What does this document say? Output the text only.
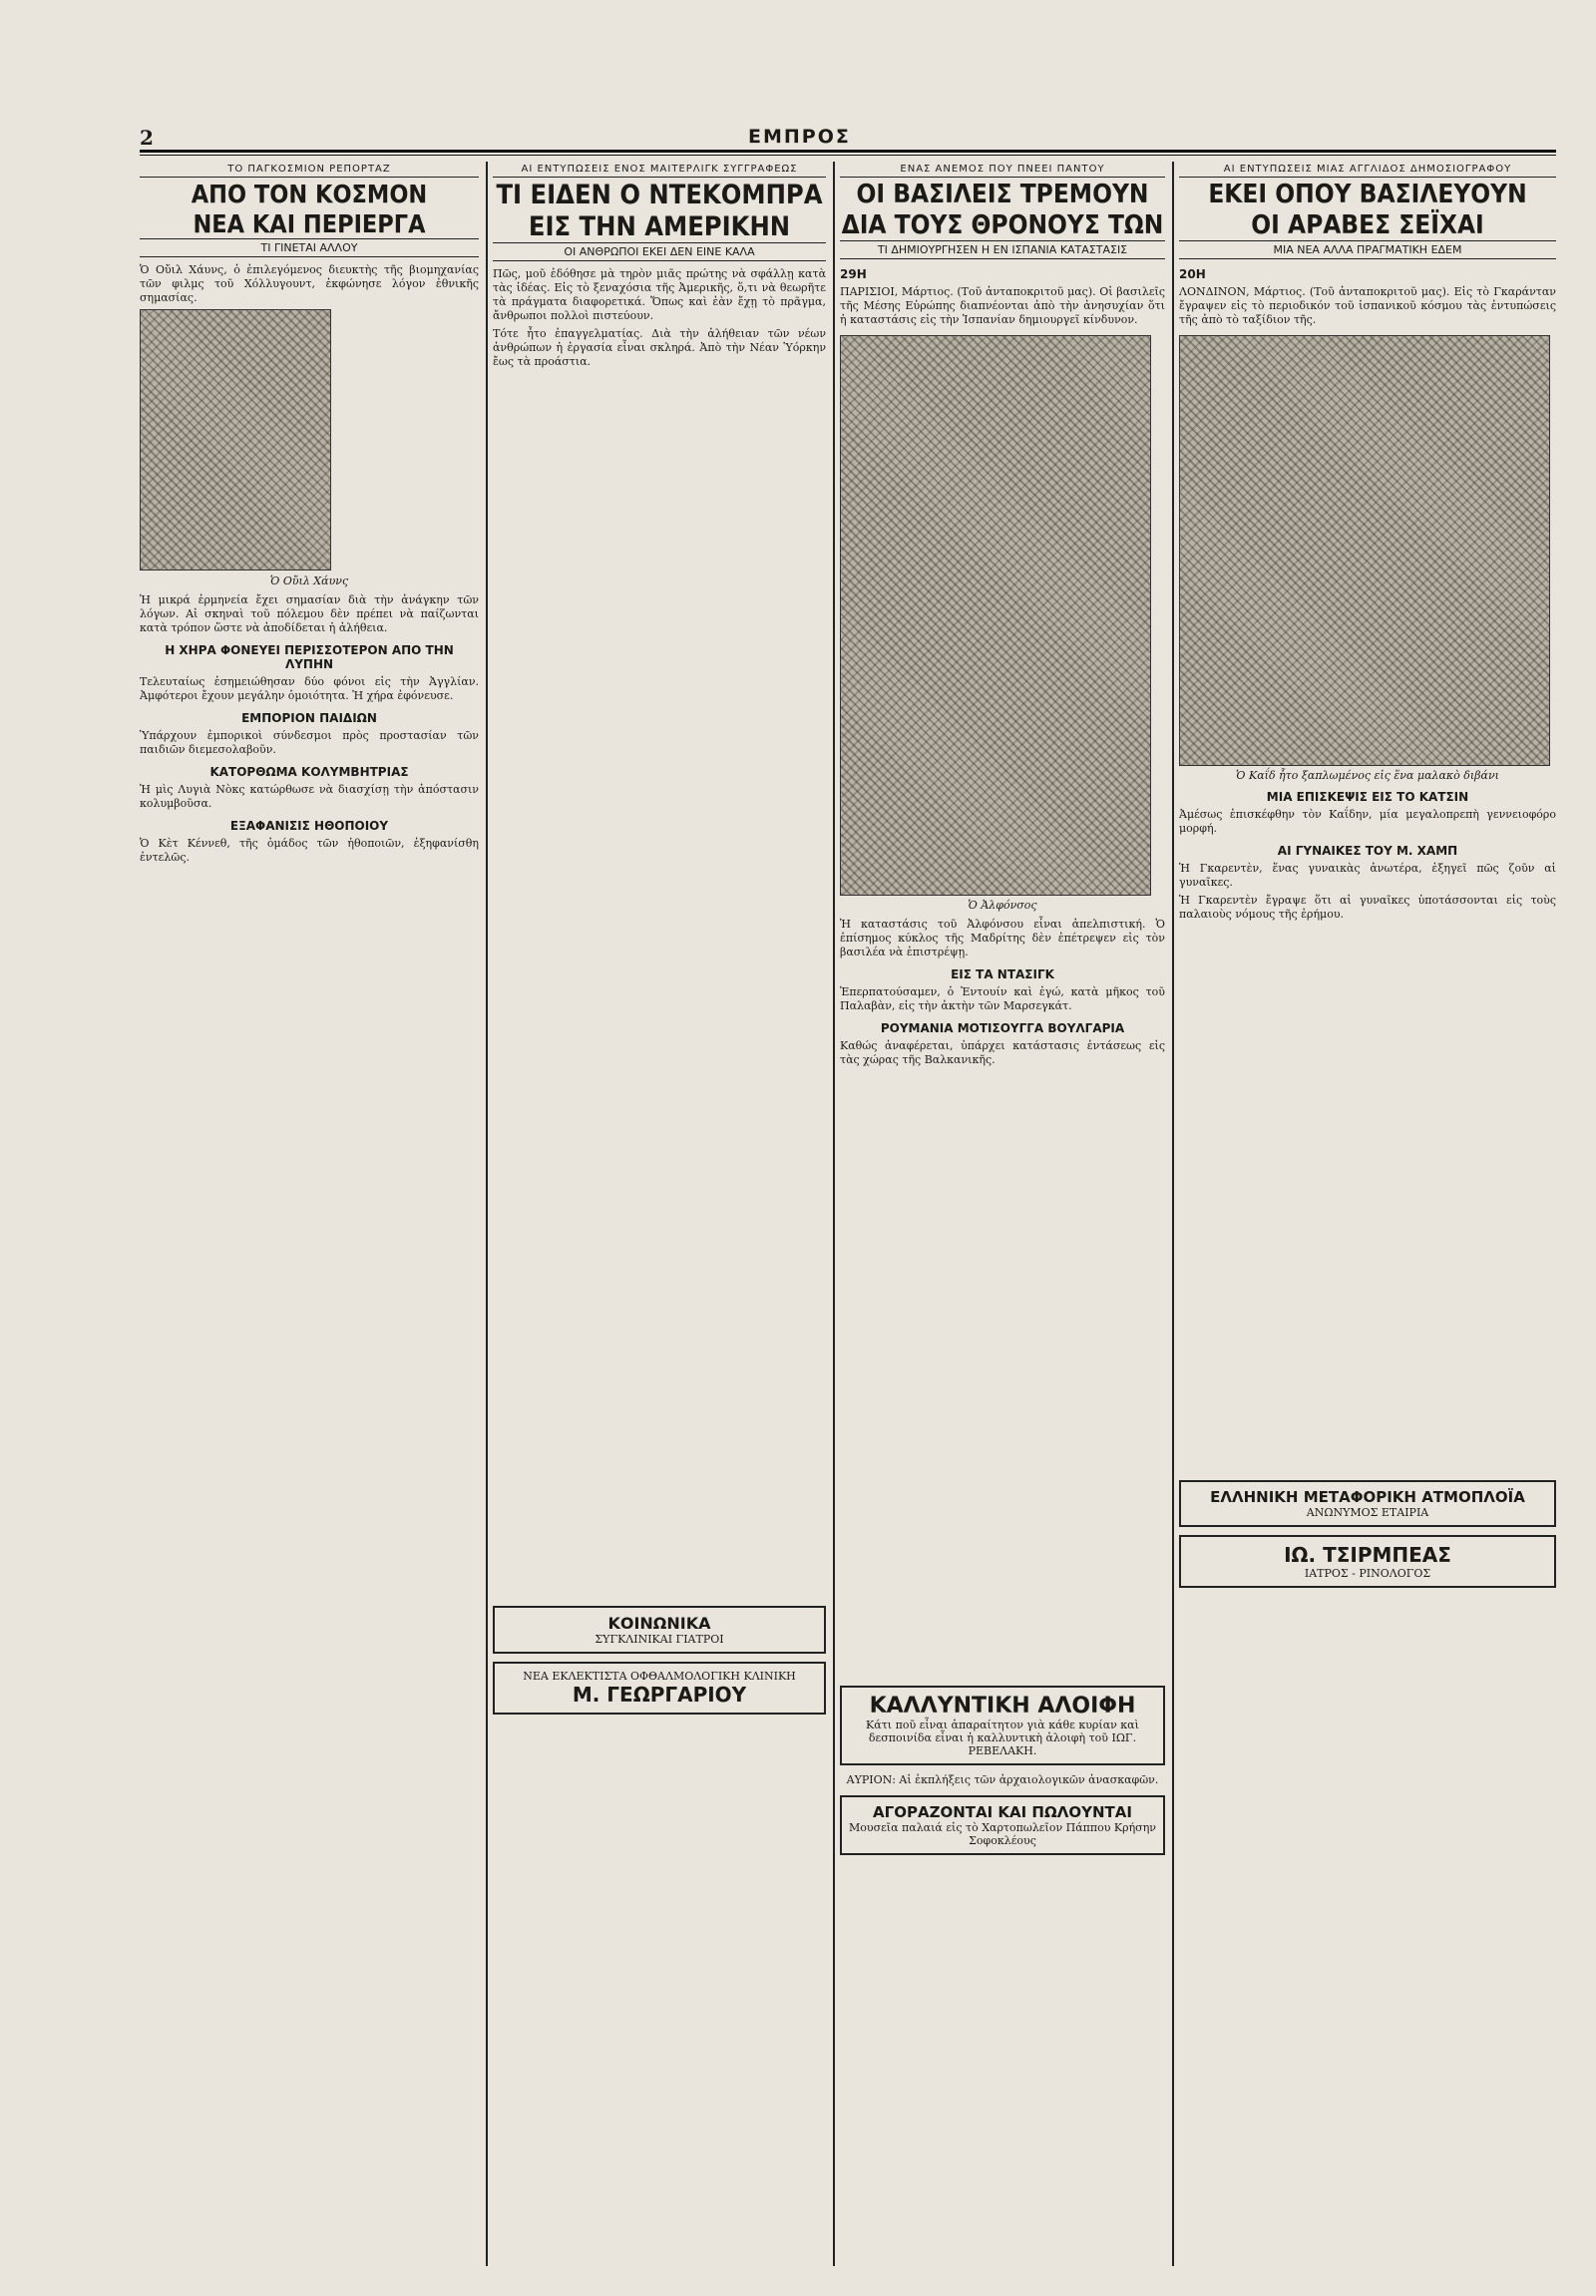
2	ΕΜΠΡΟΣ
ΤΟ ΠΑΓΚΟΣΜΙΟΝ ΡΕΠΟΡΤΑΖ
ΑΠΟ ΤΟΝ ΚΟΣΜΟΝ
ΝΕΑ ΚΑΙ ΠΕΡΙΕΡΓΑ
ΤΙ ΓΙΝΕΤΑΙ ΑΛΛΟΥ

Ὁ Οὔιλ Χάυνς, ὁ ἐπιλεγόμενος διευκτὴς τῆς βιομηχανίας τῶν φιλμς τοῦ Χόλλυγουντ, ἐκφώνησε λόγον ἐθνικῆς σημασίας.

Ὁ Οὔιλ Χάυνς

Ἡ μικρά ἐρμηνεία ἔχει σημασίαν διὰ τὴν ἀνάγκην τῶν λόγων. Αἱ σκηναὶ τοῦ πόλεμου δὲν πρέπει νὰ παίζωνται κατὰ τρόπον ὥστε νὰ ἀποδίδεται ἡ ἀλήθεια.

Η ΧΗΡΑ ΦΟΝΕΥΕΙ ΠΕΡΙΣΣΟΤΕΡΟΝ ΑΠΟ ΤΗΝ ΛΥΠΗΝ

Τελευταίως ἐσημειώθησαν δύο φόνοι εἰς τὴν Ἀγγλίαν. Ἀμφότεροι ἔχουν μεγάλην ὁμοιότητα. Ἡ χήρα ἐφόνευσε.

ΕΜΠΟΡΙΟΝ ΠΑΙΔΙΩΝ

Ὑπάρχουν ἐμπορικοὶ σύνδεσμοι πρὸς προστασίαν τῶν παιδιῶν διεμεσολαβοῦν.

ΚΑΤΟΡΘΩΜΑ ΚΟΛΥΜΒΗΤΡΙΑΣ

Ἡ μὶς Λυγιὰ Νὸκς κατώρθωσε νὰ διασχίσῃ τὴν ἀπόστασιν κολυμβοῦσα.

ΕΞΑΦΑΝΙΣΙΣ ΗΘΟΠΟΙΟΥ

Ὁ Κὲτ Κέννεθ, τῆς ὁμάδος τῶν ἠθοποιῶν, ἐξηφανίσθη ἐντελῶς.

ΑΙ ΕΝΤΥΠΩΣΕΙΣ ΕΝΟΣ ΜΑΙΤΕΡΛΙΓΚ ΣΥΓΓΡΑΦΕΩΣ
ΤΙ ΕΙΔΕΝ Ο ΝΤΕΚΟΜΠΡΑ
ΕΙΣ ΤΗΝ ΑΜΕΡΙΚΗΝ
ΟΙ ΑΝΘΡΩΠΟΙ ΕΚΕΙ ΔΕΝ ΕΙΝΕ ΚΑΛΑ

Πῶς, μοῦ ἐδόθησε μὰ τηρὸν μιᾶς πρώτης νὰ σφάλλῃ κατὰ τὰς ἰδέας. Εἰς τὸ ξεναχόσια τῆς Ἀμερικῆς, ὅ,τι νὰ θεωρῆτε τὰ πράγματα διαφορετικά. Ὅπως καὶ ἐὰν ἔχῃ τὸ πρᾶγμα, ἄνθρωποι πολλοὶ πιστεύουν.

Τότε ἦτο ἐπαγγελματίας. Διὰ τὴν ἀλήθειαν τῶν νέων ἀνθρώπων ἡ ἐργασία εἶναι σκληρά. Ἀπὸ τὴν Νέαν Ὑόρκην ἔως τὰ προάστια.

ΚΟΙΝΩΝΙΚΑ
ΣΥΓΚΛΙΝΙΚΑΙ ΓΙΑΤΡΟΙ
ΝΕΑ ΕΚΛΕΚΤΙΣΤΑ ΟΦΘΑΛΜΟΛΟΓΙΚΗ ΚΛΙΝΙΚΗ
Μ. ΓΕΩΡΓΑΡΙΟΥ
ΕΝΑΣ ΑΝΕΜΟΣ ΠΟΥ ΠΝΕΕΙ ΠΑΝΤΟΥ
ΟΙ ΒΑΣΙΛΕΙΣ ΤΡΕΜΟΥΝ
ΔΙΑ ΤΟΥΣ ΘΡΟΝΟΥΣ ΤΩΝ
ΤΙ ΔΗΜΙΟΥΡΓΗΣΕΝ Η ΕΝ ΙΣΠΑΝΙΑ ΚΑΤΑΣΤΑΣΙΣ
29Η

ΠΑΡΙΣΙΟΙ, Μάρτιος. (Τοῦ ἀνταποκριτοῦ μας). Οἱ βασιλεῖς τῆς Μέσης Εὐρώπης διαπνέονται ἀπὸ τὴν ἀνησυχίαν ὅτι ἡ καταστάσις εἰς τὴν Ἱσπανίαν δημιουργεῖ κίνδυνον.

Ὁ Ἀλφόνσος

Ἡ καταστάσις τοῦ Ἀλφόνσου εἶναι ἀπελπιστική. Ὁ ἐπίσημος κύκλος τῆς Μαδρίτης δὲν ἐπέτρεψεν εἰς τὸν βασιλέα νὰ ἐπιστρέψῃ.

ΕΙΣ ΤΑ ΝΤΑΣΙΓΚ

Ἐπερπατούσαμεν, ὁ Ἐντουίν καὶ ἐγώ, κατὰ μῆκος τοῦ Παλαβὰν, εἰς τὴν ἀκτὴν τῶν Μαρσεγκάτ.

ΡΟΥΜΑΝΙΑ ΜΟΤΙΣΟΥΓΓΑ ΒΟΥΛΓΑΡΙΑ

Καθώς ἀναφέρεται, ὑπάρχει κατάστασις ἐντάσεως εἰς τὰς χώρας τῆς Βαλκανικῆς.

ΚΑΛΛΥΝΤΙΚΗ ΑΛΟΙΦΗ
Κάτι ποῦ εἶναι ἀπαραίτητον γιὰ κάθε κυρίαν καὶ δεσποινίδα εἶναι ἡ καλλυντικὴ ἀλοιφὴ τοῦ ΙΩΓ. ΡΕΒΕΛΑΚΗ.

ΑΥΡΙΟΝ: Αἱ ἐκπλήξεις τῶν ἀρχαιολογικῶν ἀνασκαφῶν.

ΑΓΟΡΑΖΟΝΤΑΙ ΚΑΙ ΠΩΛΟΥΝΤΑΙ
Μουσεῖα παλαιά εἰς τὸ Χαρτοπωλεῖον Πάππου Κρήσην Σοφοκλέους
ΑΙ ΕΝΤΥΠΩΣΕΙΣ ΜΙΑΣ ΑΓΓΛΙΔΟΣ ΔΗΜΟΣΙΟΓΡΑΦΟΥ
ΕΚΕΙ ΟΠΟΥ ΒΑΣΙΛΕΥΟΥΝ
ΟΙ ΑΡΑΒΕΣ ΣΕΪΧΑΙ
ΜΙΑ ΝΕΑ ΑΛΛΑ ΠΡΑΓΜΑΤΙΚΗ ΕΔΕΜ
20Η

ΛΟΝΔΙΝΟΝ, Μάρτιος. (Τοῦ ἀνταποκριτοῦ μας). Εἰς τὸ Γκαράνταν ἔγραψεν εἰς τὸ περιοδικόν τοῦ ἰσπανικοῦ κόσμου τὰς ἐντυπώσεις τῆς ἀπὸ τὸ ταξίδιον τῆς.

Ὁ Καΐδ ἦτο ξαπλωμένος εἰς ἕνα μαλακὸ διβάνι
ΜΙΑ ΕΠΙΣΚΕΨΙΣ ΕΙΣ ΤΟ ΚΑΤΣΙΝ

Ἀμέσως ἐπισκέφθην τὸν Καΐδην, μία μεγαλοπρεπὴ γεννειοφόρο μορφή.

ΑΙ ΓΥΝΑΙΚΕΣ ΤΟΥ Μ. ΧΑΜΠ

Ἡ Γκαρεντὲν, ἕνας γυναικὰς ἀνωτέρα, ἐξηγεῖ πῶς ζοῦν αἱ γυναῖκες.

Ἡ Γκαρεντὲν ἔγραψε ὅτι αἱ γυναῖκες ὑποτάσσονται εἰς τοὺς παλαιοὺς νόμους τῆς ἐρήμου.

ΕΛΛΗΝΙΚΗ ΜΕΤΑΦΟΡΙΚΗ ΑΤΜΟΠΛΟΪΑ
ΑΝΩΝΥΜΟΣ ΕΤΑΙΡΙΑ
ΙΩ. ΤΣΙΡΜΠΕΑΣ
ΙΑΤΡΟΣ - ΡΙΝΟΛΟΓΟΣ
